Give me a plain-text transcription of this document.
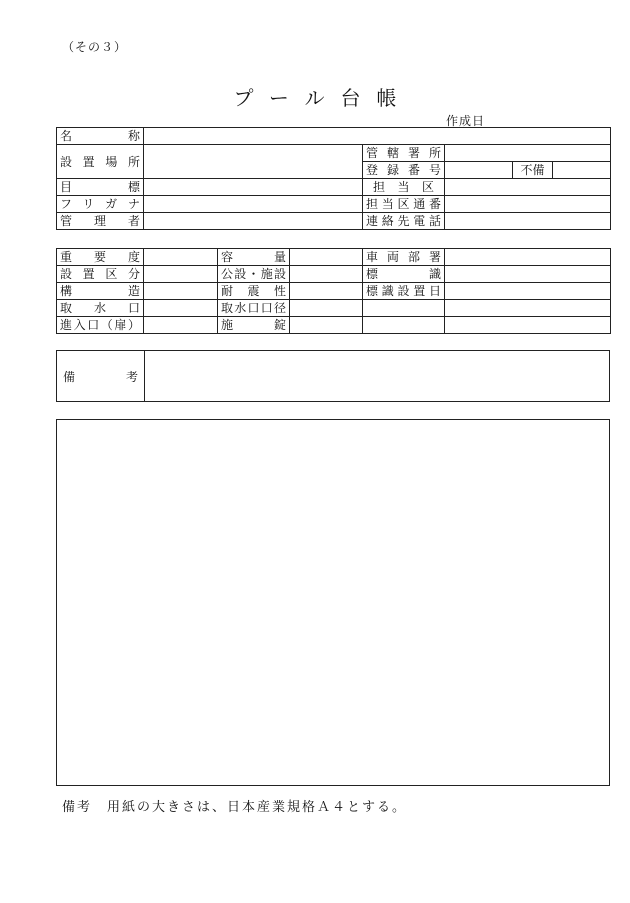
（その３）
プール台帳
作成日
名　　称					
設置場所		管轄署所			
		登録番号		不備	
目　　標		担当区			
フリガナ		担当区通番			
管　理　者		連絡先電話			
重要度		容量		車両部署	
設置区分		公設・施設		標識	
構造		耐震性		標識設置日	
取水口		取水口口径			
進入口（扉）		施錠			
備考
備考　用紙の大きさは、日本産業規格Ａ４とする。
